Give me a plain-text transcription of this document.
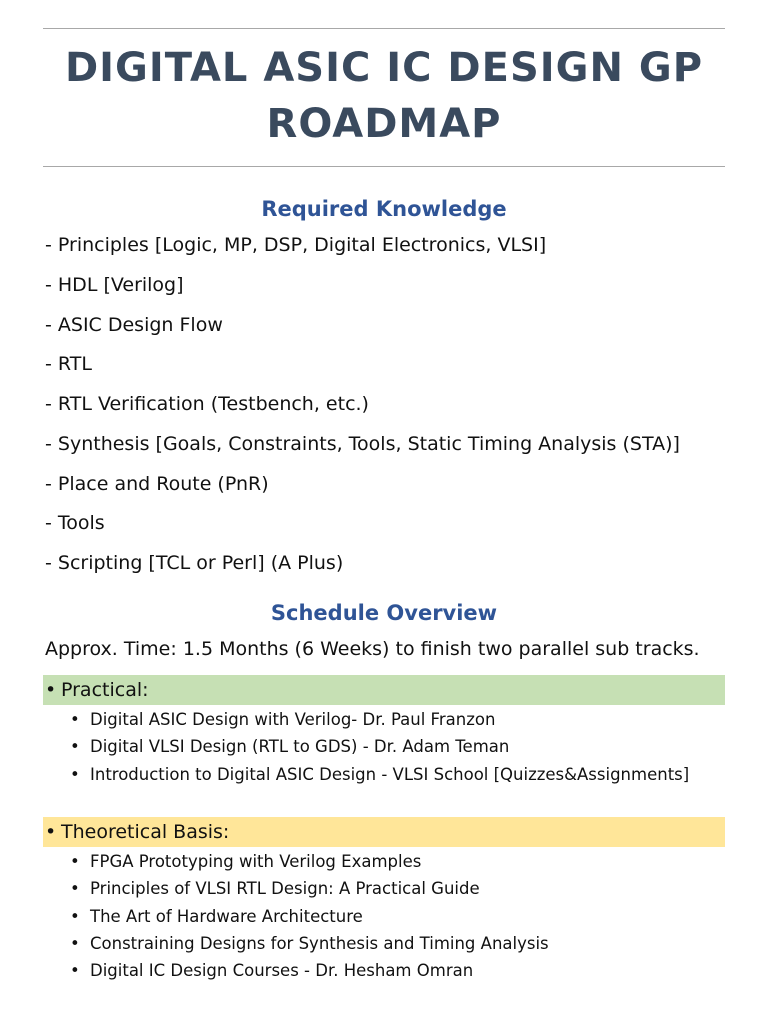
DIGITAL ASIC IC DESIGN GP
ROADMAP
Required Knowledge
- Principles [Logic, MP, DSP, Digital Electronics, VLSI]
- HDL [Verilog]
- ASIC Design Flow
- RTL
- RTL Verification (Testbench, etc.)
- Synthesis [Goals, Constraints, Tools, Static Timing Analysis (STA)]
- Place and Route (PnR)
- Tools
- Scripting [TCL or Perl] (A Plus)
Schedule Overview
Approx. Time: 1.5 Months (6 Weeks) to finish two parallel sub tracks.
• Practical:
• Digital ASIC Design with Verilog- Dr. Paul Franzon
• Digital VLSI Design (RTL to GDS) - Dr. Adam Teman
• Introduction to Digital ASIC Design - VLSI School [Quizzes&Assignments]
• Theoretical Basis:
• FPGA Prototyping with Verilog Examples
• Principles of VLSI RTL Design: A Practical Guide
• The Art of Hardware Architecture
• Constraining Designs for Synthesis and Timing Analysis
• Digital IC Design Courses - Dr. Hesham Omran
